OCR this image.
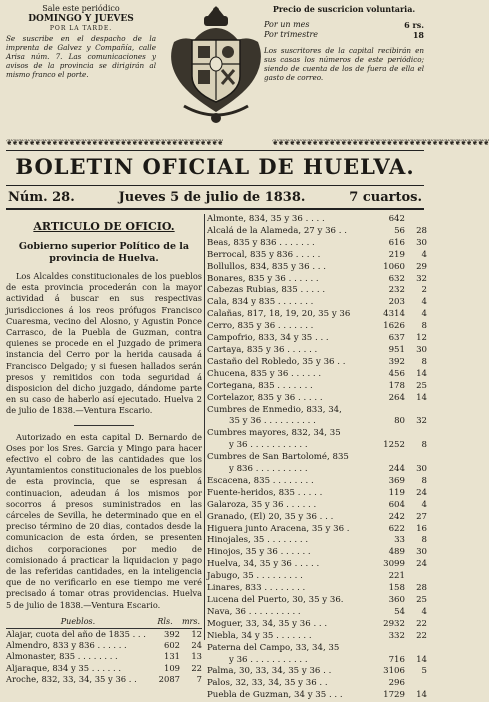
Sale este periódico
DOMINGO Y JUEVES
POR LA TARDE.
Se suscribe en el despacho de la imprenta de Galvez y Compañía, calle Arisa núm. 7. Las comunicaciones y avisos de la provincia se dirigirán al mismo franco el porte.
Precio de suscricion voluntaria.
Por un mes	6 rs.
Por trimestre	18
Los suscritores de la capital recibirán en sus casas los números de este periódico; siendo de cuenta de los de fuera de ella el gasto de correo.
❦❦❦❦❦❦❦❦❦❦❦❦❦❦❦❦❦❦❦❦❦❦❦❦❦❦❦❦❦❦❦❦❦❦❦❦❦❦	❦❦❦❦❦❦❦❦❦❦❦❦❦❦❦❦❦❦❦❦❦❦❦❦❦❦❦❦❦❦❦❦❦❦❦❦❦❦
BOLETIN OFICIAL DE HUELVA.
Núm. 28.	Jueves 5 de julio de 1838.	7 cuartos.
ARTICULO DE OFICIO.
Gobierno superior Político de la provincia de Huelva.

Los Alcaldes constitucionales de los pueblos de esta provincia procederán con la mayor actividad á buscar en sus respectivas jurisdicciones á los reos prófugos Francisco Cuaresma, vecino del Alosno, y Agustin Ponce Carrasco, de la Puebla de Guzman, contra quienes se procede en el Juzgado de primera instancia del Cerro por la herida causada á Francisco Delgado; y si fuesen hallados serán presos y remitidos con toda seguridad á disposicion del dicho juzgado, dándome parte en su caso de haberlo así ejecutado. Huelva 2 de julio de 1838.—Ventura Escario.

Autorizado en esta capital D. Bernardo de Oses por los Sres. Garcia y Mingo para hacer efectivo el cobro de las cantidades que los Ayuntamientos constitucionales de los pueblos de esta provincia, que se espresan á continuacion, adeudan á los mismos por socorros á presos suministrados en las cárceles de Sevilla, he determinado que en el preciso término de 20 dias, contados desde la comunicacion de esta órden, se presenten dichos corporaciones por medio de comisionado á practicar la liquidacion y pago de las referidas cantidades, en la inteligencia que de no verificarlo en ese tiempo me veré precisado á tomar otras providencias. Huelva 5 de julio de 1838.—Ventura Escario.

Pueblos.	Rls.	mrs.
Alajar, cuota del año de 1835 . . .	392	12
Almendro, 833 y 836 . . . . . .	602	24
Almonaster, 835 . . . . . . . .	131	13
Aljaraque, 834 y 35 . . . . . .	109	22
Aroche, 832, 33, 34, 35 y 36 . .	2087	7
Almonte, 834, 35 y 36 . . . .	642
Alcalá de la Alameda, 27 y 36 . .	56	28
Beas, 835 y 836 . . . . . . .	616	30
Berrocal, 835 y 836 . . . . .	219	4
Bollullos, 834, 835 y 36 . . .	1060	29
Bonares, 835 y 36 . . . . . .	632	32
Cabezas Rubias, 835 . . . . .	232	2
Cala, 834 y 835 . . . . . . .	203	4
Calañas, 817, 18, 19, 20, 35 y 36	4314	4
Cerro, 835 y 36 . . . . . . .	1626	8
Campofrio, 833, 34 y 35 . . .	637	12
Cartaya, 835 y 36 . . . . . .	951	30
Castaño del Robledo, 35 y 36 . .	392	8
Chucena, 835 y 36 . . . . . .	456	14
Cortegana, 835 . . . . . . .	178	25
Cortelazor, 835 y 36 . . . . .	264	14
Cumbres de Enmedio, 833, 34,
35 y 36 . . . . . . . . . .	80	32
Cumbres mayores, 832, 34, 35
y 36 . . . . . . . . . . .	1252	8
Cumbres de San Bartolomé, 835
y 836 . . . . . . . . . .	244	30
Escacena, 835 . . . . . . . .	369	8
Fuente-heridos, 835 . . . . .	119	24
Galaroza, 35 y 36 . . . . . .	604	4
Granado, (El) 20, 35 y 36 . . .	242	27
Higuera junto Aracena, 35 y 36 .	622	16
Hinojales, 35 . . . . . . . .	33	8
Hinojos, 35 y 36 . . . . . .	489	30
Huelva, 34, 35 y 36 . . . . .	3099	24
Jabugo, 35 . . . . . . . . .	221
Linares, 833 . . . . . . . .	158	28
Lucena del Puerto, 30, 35 y 36.	360	25
Nava, 36 . . . . . . . . . .	54	4
Moguer, 33, 34, 35 y 36 . . .	2932	22
Niebla, 34 y 35 . . . . . . .	332	22
Paterna del Campo, 33, 34, 35
y 36 . . . . . . . . . . .	716	14
Palma, 30, 33, 34, 35 y 36 . .	3106	5
Palos, 32, 33, 34, 35 y 36 . .	296
Puebla de Guzman, 34 y 35 . . .	1729	14
